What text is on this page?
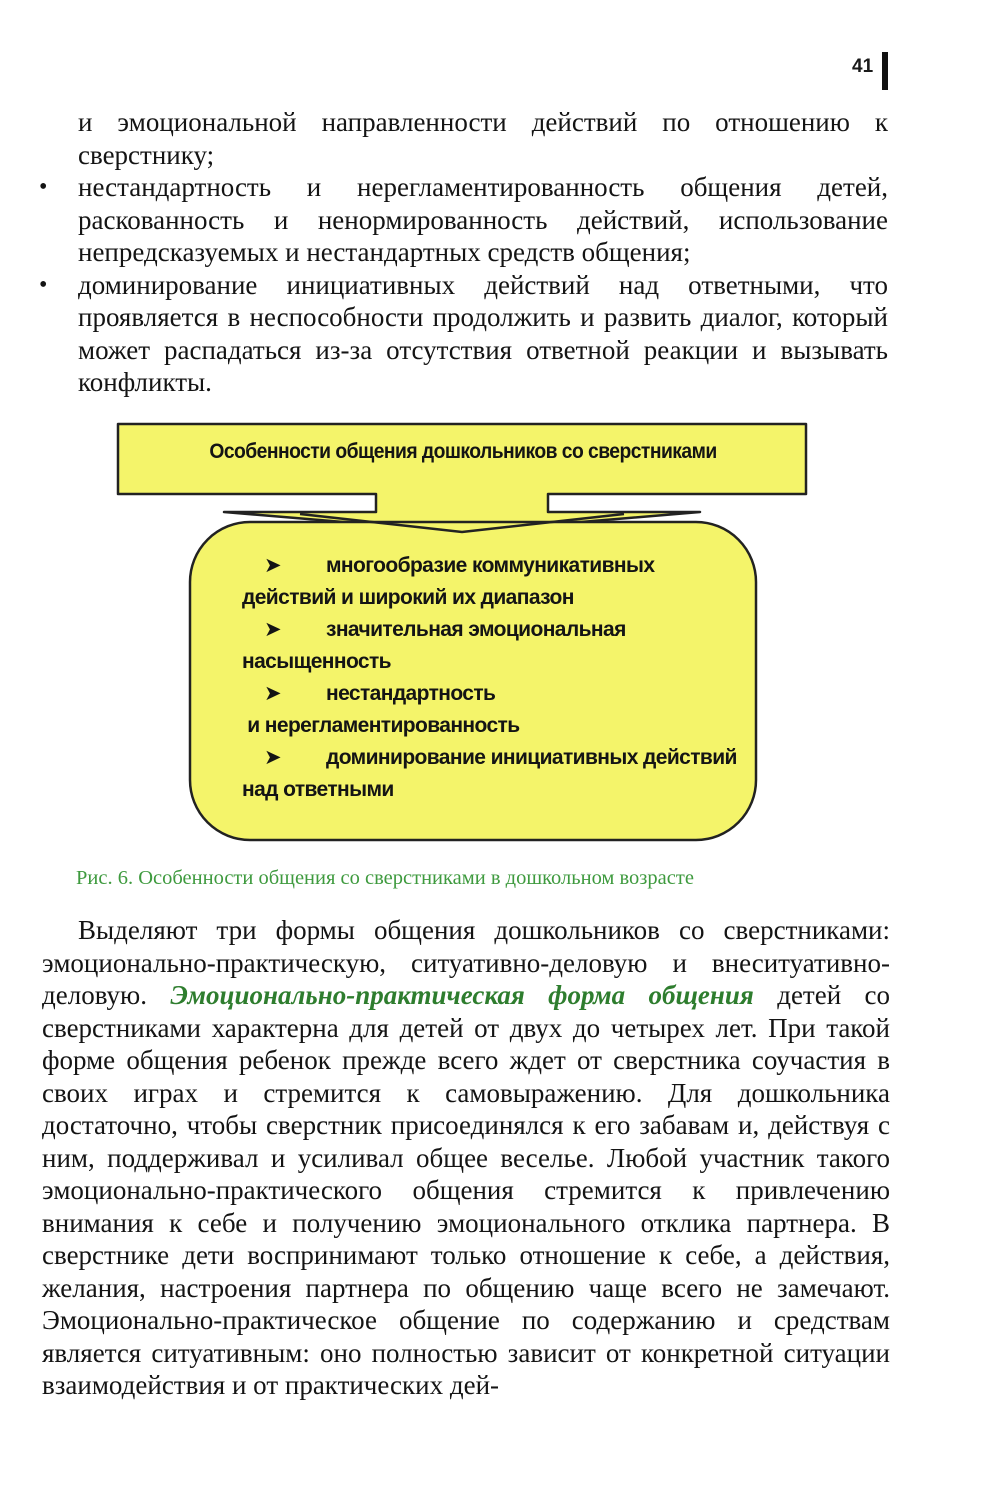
41

и эмоциональной направленности действий по отношению к сверстнику;

• нестандартность и нерегламентированность общения детей, раскованность и ненормированность действий, использование непредсказуемых и нестандартных средств общения;
• доминирование инициативных действий над ответными, что проявляется в неспособности продолжить и развить диалог, который может распадаться из-за отсутствия ответной реакции и вызывать конфликты.
Особенности общения дошкольников со сверстниками
➤ многообразие коммуникативных
действий и широкий их диапазон
➤ значительная эмоциональная
насыщенность
➤ нестандартность
и нерегламентированность
➤ доминирование инициативных действий
над ответными
Рис. 6. Особенности общения со сверстниками в дошкольном возрасте

Выделяют три формы общения дошкольников со сверстниками: эмоционально-практическую, ситуативно-деловую и внеситуативно-деловую. Эмоционально-практическая форма общения детей со сверстниками характерна для детей от двух до четырех лет. При такой форме общения ребенок прежде всего ждет от сверстника соучастия в своих играх и стремится к самовыражению. Для дошкольника достаточно, чтобы сверстник присоединялся к его забавам и, действуя с ним, поддерживал и усиливал общее веселье. Любой участник такого эмоционально-практического общения стремится к привлечению внимания к себе и получению эмоционального отклика партнера. В сверстнике дети воспринимают только отношение к себе, а действия, желания, настроения партнера по общению чаще всего не замечают. Эмоционально-практическое общение по содержанию и средствам является ситуативным: оно полностью зависит от конкретной ситуации взаимодействия и от практических дей-
